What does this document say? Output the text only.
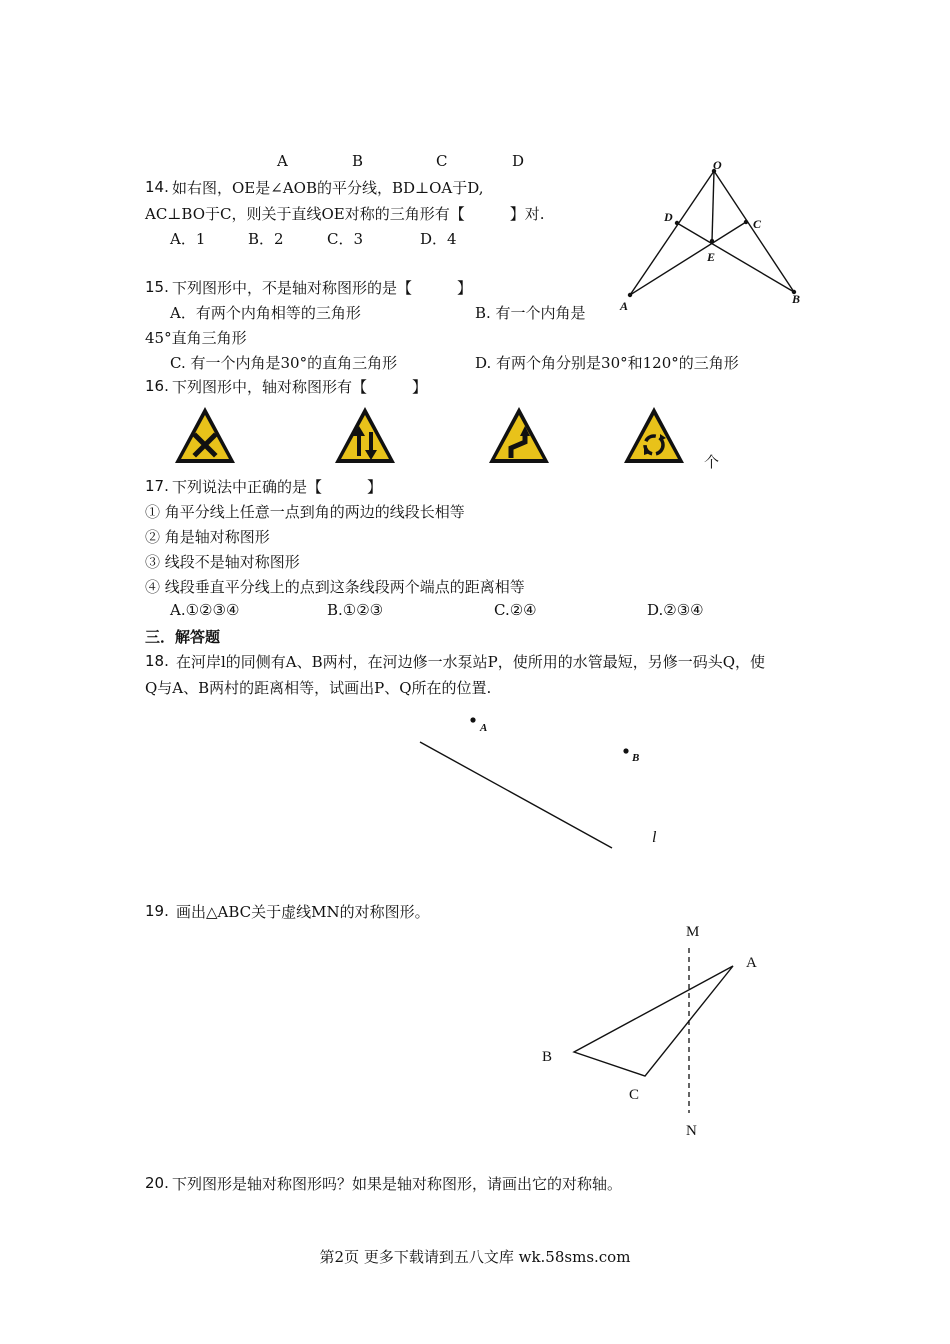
A	B	C	D
14. 如右图，OE是∠AOB的平分线，BD⊥OA于D,
AC⊥BO于C，则关于直线OE对称的三角形有【　　　】对.
A．1	B．2	C．3	D．4
O
D	C
E
A	B
15. 下列图形中，不是轴对称图形的是【　　　】
A．有两个内角相等的三角形	B. 有一个内角是
45°直角三角形
C. 有一个内角是30°的直角三角形	D. 有两个角分别是30°和120°的三角形
16. 下列图形中，轴对称图形有【　　　】
个
17. 下列说法中正确的是【　　　】
① 角平分线上任意一点到角的两边的线段长相等
② 角是轴对称图形
③ 线段不是轴对称图形
④ 线段垂直平分线上的点到这条线段两个端点的距离相等
A.①②③④	B.①②③	C.②④	D.②③④
三．解答题
18. 在河岸l的同侧有A、B两村，在河边修一水泵站P，使所用的水管最短，另修一码头Q，使
Q与A、B两村的距离相等，试画出P、Q所在的位置.
A
B
l
19. 画出△ABC关于虚线MN的对称图形。
M
N
A
B
C
20. 下列图形是轴对称图形吗？如果是轴对称图形，请画出它的对称轴。
第2页 更多下载请到五八文库 wk.58sms.com
